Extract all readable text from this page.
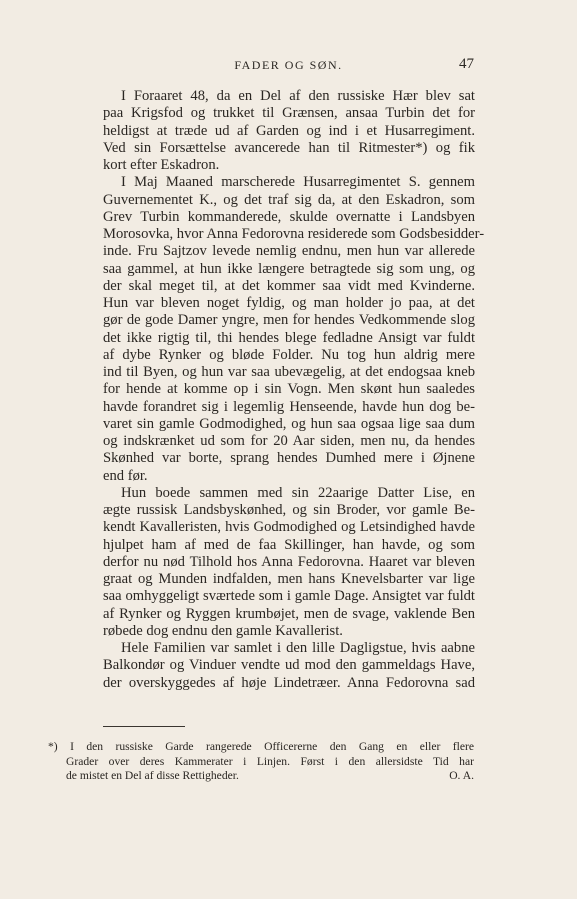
FADER OG SØN.	47
I Foraaret 48, da en Del af den russiske Hær blev sat
paa Krigsfod og trukket til Grænsen, ansaa Turbin det for
heldigst at træde ud af Garden og ind i et Husarregiment.
Ved sin Forsættelse avancerede han til Ritmester*) og fik
kort efter Eskadron.
I Maj Maaned marscherede Husarregimentet S. gennem
Guvernementet K., og det traf sig da, at den Eskadron, som
Grev Turbin kommanderede, skulde overnatte i Landsbyen
Morosovka, hvor Anna Fedorovna residerede som Godsbesidder-
inde. Fru Sajtzov levede nemlig endnu, men hun var allerede
saa gammel, at hun ikke længere betragtede sig som ung, og
der skal meget til, at det kommer saa vidt med Kvinderne.
Hun var bleven noget fyldig, og man holder jo paa, at det
gør de gode Damer yngre, men for hendes Vedkommende slog
det ikke rigtig til, thi hendes blege fedladne Ansigt var fuldt
af dybe Rynker og bløde Folder. Nu tog hun aldrig mere
ind til Byen, og hun var saa ubevægelig, at det endogsaa kneb
for hende at komme op i sin Vogn. Men skønt hun saaledes
havde forandret sig i legemlig Henseende, havde hun dog be-
varet sin gamle Godmodighed, og hun saa ogsaa lige saa dum
og indskrænket ud som for 20 Aar siden, men nu, da hendes
Skønhed var borte, sprang hendes Dumhed mere i Øjnene
end før.
Hun boede sammen med sin 22aarige Datter Lise, en
ægte russisk Landsbyskønhed, og sin Broder, vor gamle Be-
kendt Kavalleristen, hvis Godmodighed og Letsindighed havde
hjulpet ham af med de faa Skillinger, han havde, og som
derfor nu nød Tilhold hos Anna Fedorovna. Haaret var bleven
graat og Munden indfalden, men hans Knevelsbarter var lige
saa omhyggeligt sværtede som i gamle Dage. Ansigtet var fuldt
af Rynker og Ryggen krumbøjet, men de svage, vaklende Ben
røbede dog endnu den gamle Kavallerist.
Hele Familien var samlet i den lille Dagligstue, hvis aabne
Balkondør og Vinduer vendte ud mod den gammeldags Have,
der overskyggedes af høje Lindetræer. Anna Fedorovna sad
*) I den russiske Garde rangerede Officererne den Gang en eller flere
Grader over deres Kammerater i Linjen. Først i den allersidste Tid har
de mistet en Del af disse Rettigheder.	O. A.
